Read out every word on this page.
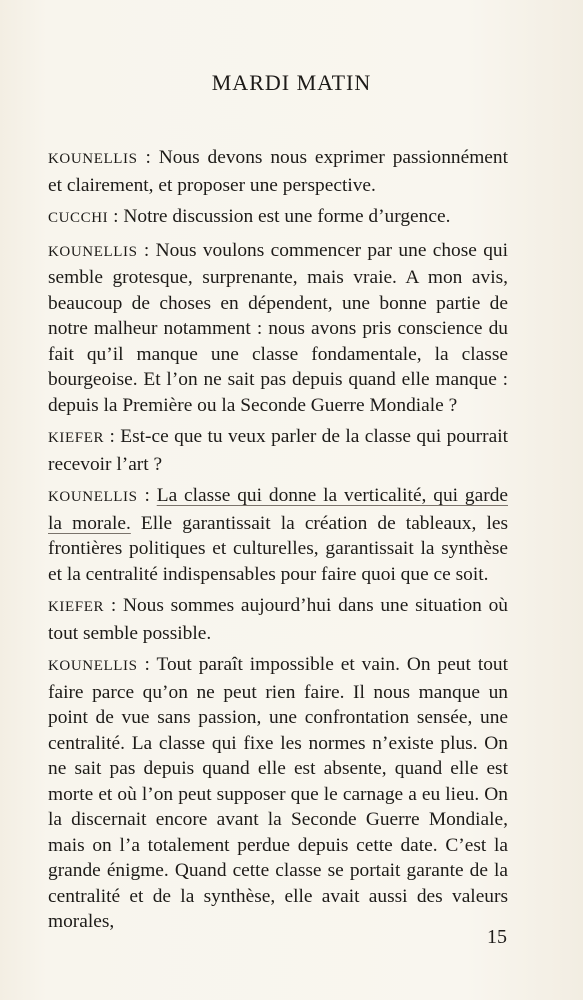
MARDI MATIN

KOUNELLIS : Nous devons nous exprimer passionnément et clairement, et proposer une perspective.

CUCCHI : Notre discussion est une forme d’urgence.

KOUNELLIS : Nous voulons commencer par une chose qui semble grotesque, surprenante, mais vraie. A mon avis, beaucoup de choses en dépendent, une bonne partie de notre malheur notamment : nous avons pris conscience du fait qu’il manque une classe fondamentale, la classe bourgeoise. Et l’on ne sait pas depuis quand elle manque : depuis la Première ou la Seconde Guerre Mondiale ?

KIEFER : Est-ce que tu veux parler de la classe qui pourrait recevoir l’art ?

KOUNELLIS : La classe qui donne la verticalité, qui garde la morale. Elle garantissait la création de tableaux, les frontières politiques et culturelles, garantissait la synthèse et la centralité indispensables pour faire quoi que ce soit.

KIEFER : Nous sommes aujourd’hui dans une situation où tout semble possible.

KOUNELLIS : Tout paraît impossible et vain. On peut tout faire parce qu’on ne peut rien faire. Il nous manque un point de vue sans passion, une confrontation sensée, une centralité. La classe qui fixe les normes n’existe plus. On ne sait pas depuis quand elle est absente, quand elle est morte et où l’on peut supposer que le carnage a eu lieu. On la discernait encore avant la Seconde Guerre Mondiale, mais on l’a totalement perdue depuis cette date. C’est la grande énigme. Quand cette classe se portait garante de la centralité et de la synthèse, elle avait aussi des valeurs morales,

15
